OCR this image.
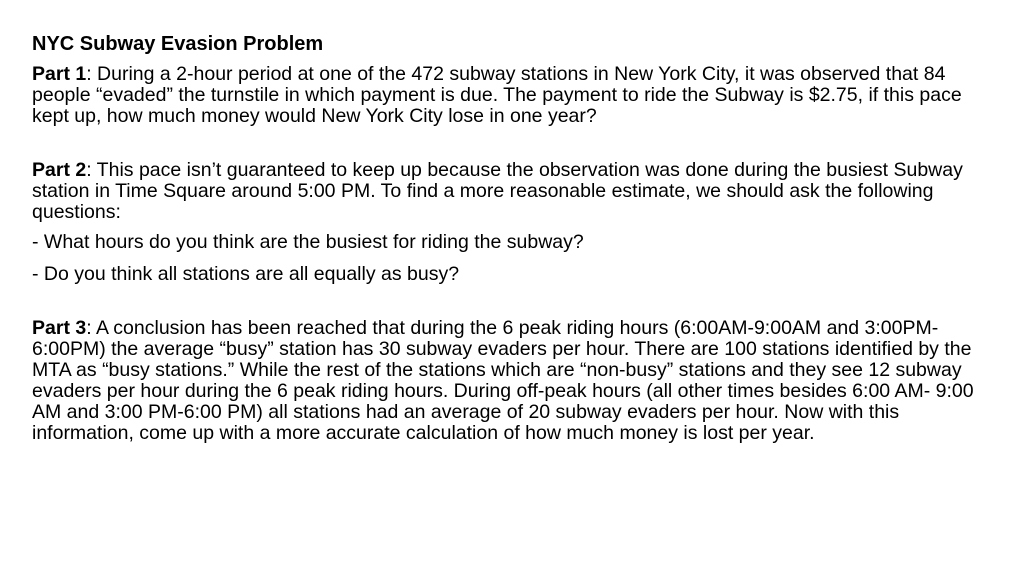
NYC Subway Evasion Problem

Part 1: During a 2-hour period at one of the 472 subway stations in New York City, it was observed that 84 people “evaded” the turnstile in which payment is due. The payment to ride the Subway is $2.75, if this pace kept up, how much money would New York City lose in one year?

Part 2: This pace isn’t guaranteed to keep up because the observation was done during the busiest Subway station in Time Square around 5:00 PM. To find a more reasonable estimate, we should ask the following questions:

- What hours do you think are the busiest for riding the subway?

- Do you think all stations are all equally as busy?

Part 3: A conclusion has been reached that during the 6 peak riding hours (6:00AM-9:00AM and 3:00PM-6:00PM) the average “busy” station has 30 subway evaders per hour. There are 100 stations identified by the MTA as “busy stations.” While the rest of the stations which are “non-busy” stations and they see 12 subway evaders per hour during the 6 peak riding hours. During off-peak hours (all other times besides 6:00 AM- 9:00 AM and 3:00 PM-6:00 PM) all stations had an average of 20 subway evaders per hour. Now with this information, come up with a more accurate calculation of how much money is lost per year.
